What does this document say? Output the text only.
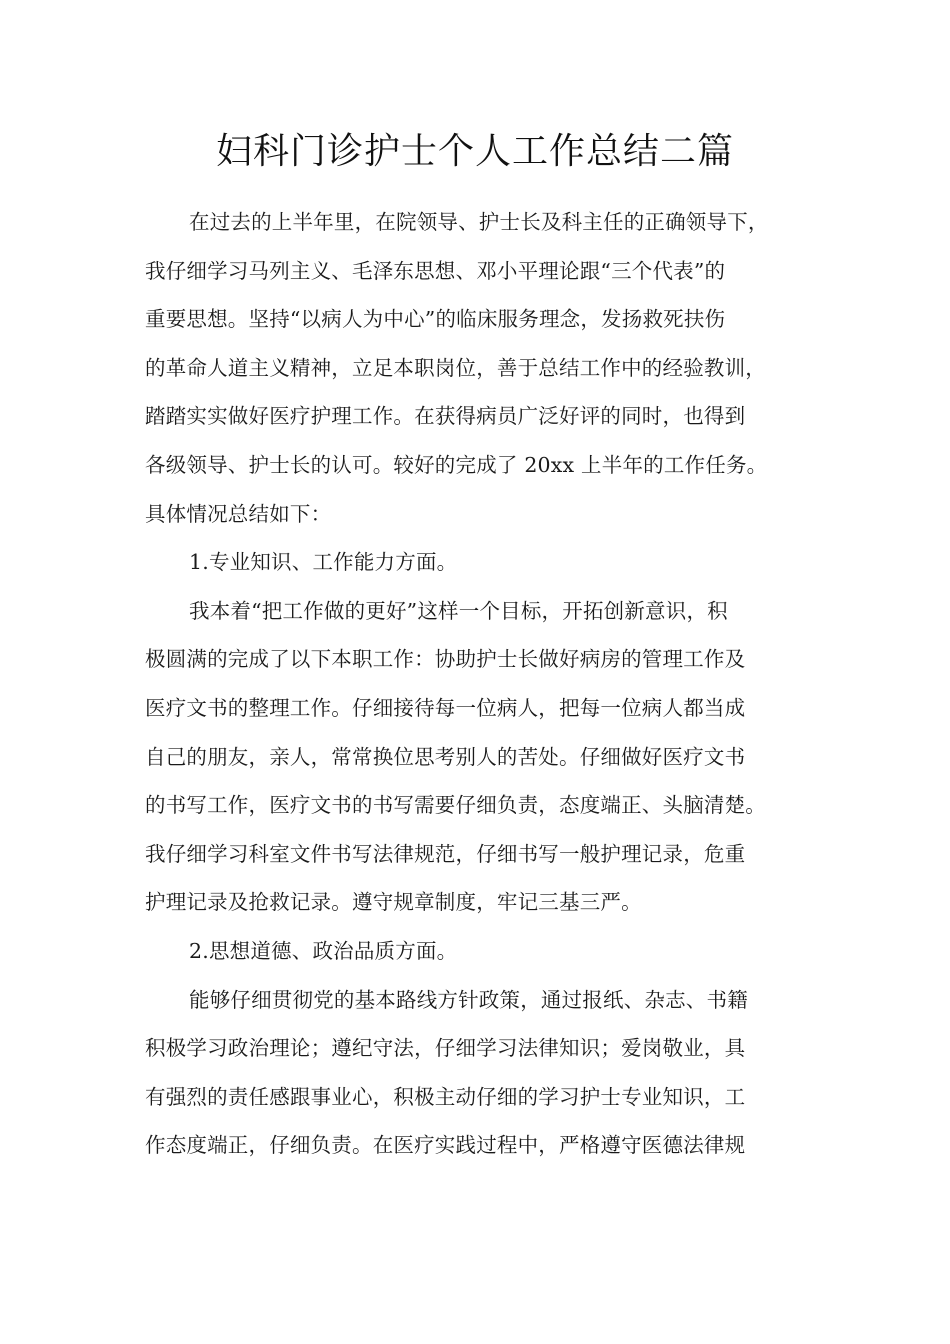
妇科门诊护士个人工作总结二篇
在过去的上半年里，在院领导、护士长及科主任的正确领导下，
我仔细学习马列主义、毛泽东思想、邓小平理论跟“三个代表”的
重要思想。坚持“以病人为中心”的临床服务理念，发扬救死扶伤
的革命人道主义精神，立足本职岗位，善于总结工作中的经验教训，
踏踏实实做好医疗护理工作。在获得病员广泛好评的同时，也得到
各级领导、护士长的认可。较好的完成了 20xx 上半年的工作任务。
具体情况总结如下：
1.专业知识、工作能力方面。
我本着“把工作做的更好”这样一个目标，开拓创新意识，积
极圆满的完成了以下本职工作：协助护士长做好病房的管理工作及
医疗文书的整理工作。仔细接待每一位病人，把每一位病人都当成
自己的朋友，亲人，常常换位思考别人的苦处。仔细做好医疗文书
的书写工作，医疗文书的书写需要仔细负责，态度端正、头脑清楚。
我仔细学习科室文件书写法律规范，仔细书写一般护理记录，危重
护理记录及抢救记录。遵守规章制度，牢记三基三严。
2.思想道德、政治品质方面。
能够仔细贯彻党的基本路线方针政策，通过报纸、杂志、书籍
积极学习政治理论；遵纪守法，仔细学习法律知识；爱岗敬业，具
有强烈的责任感跟事业心，积极主动仔细的学习护士专业知识，工
作态度端正，仔细负责。在医疗实践过程中，严格遵守医德法律规
